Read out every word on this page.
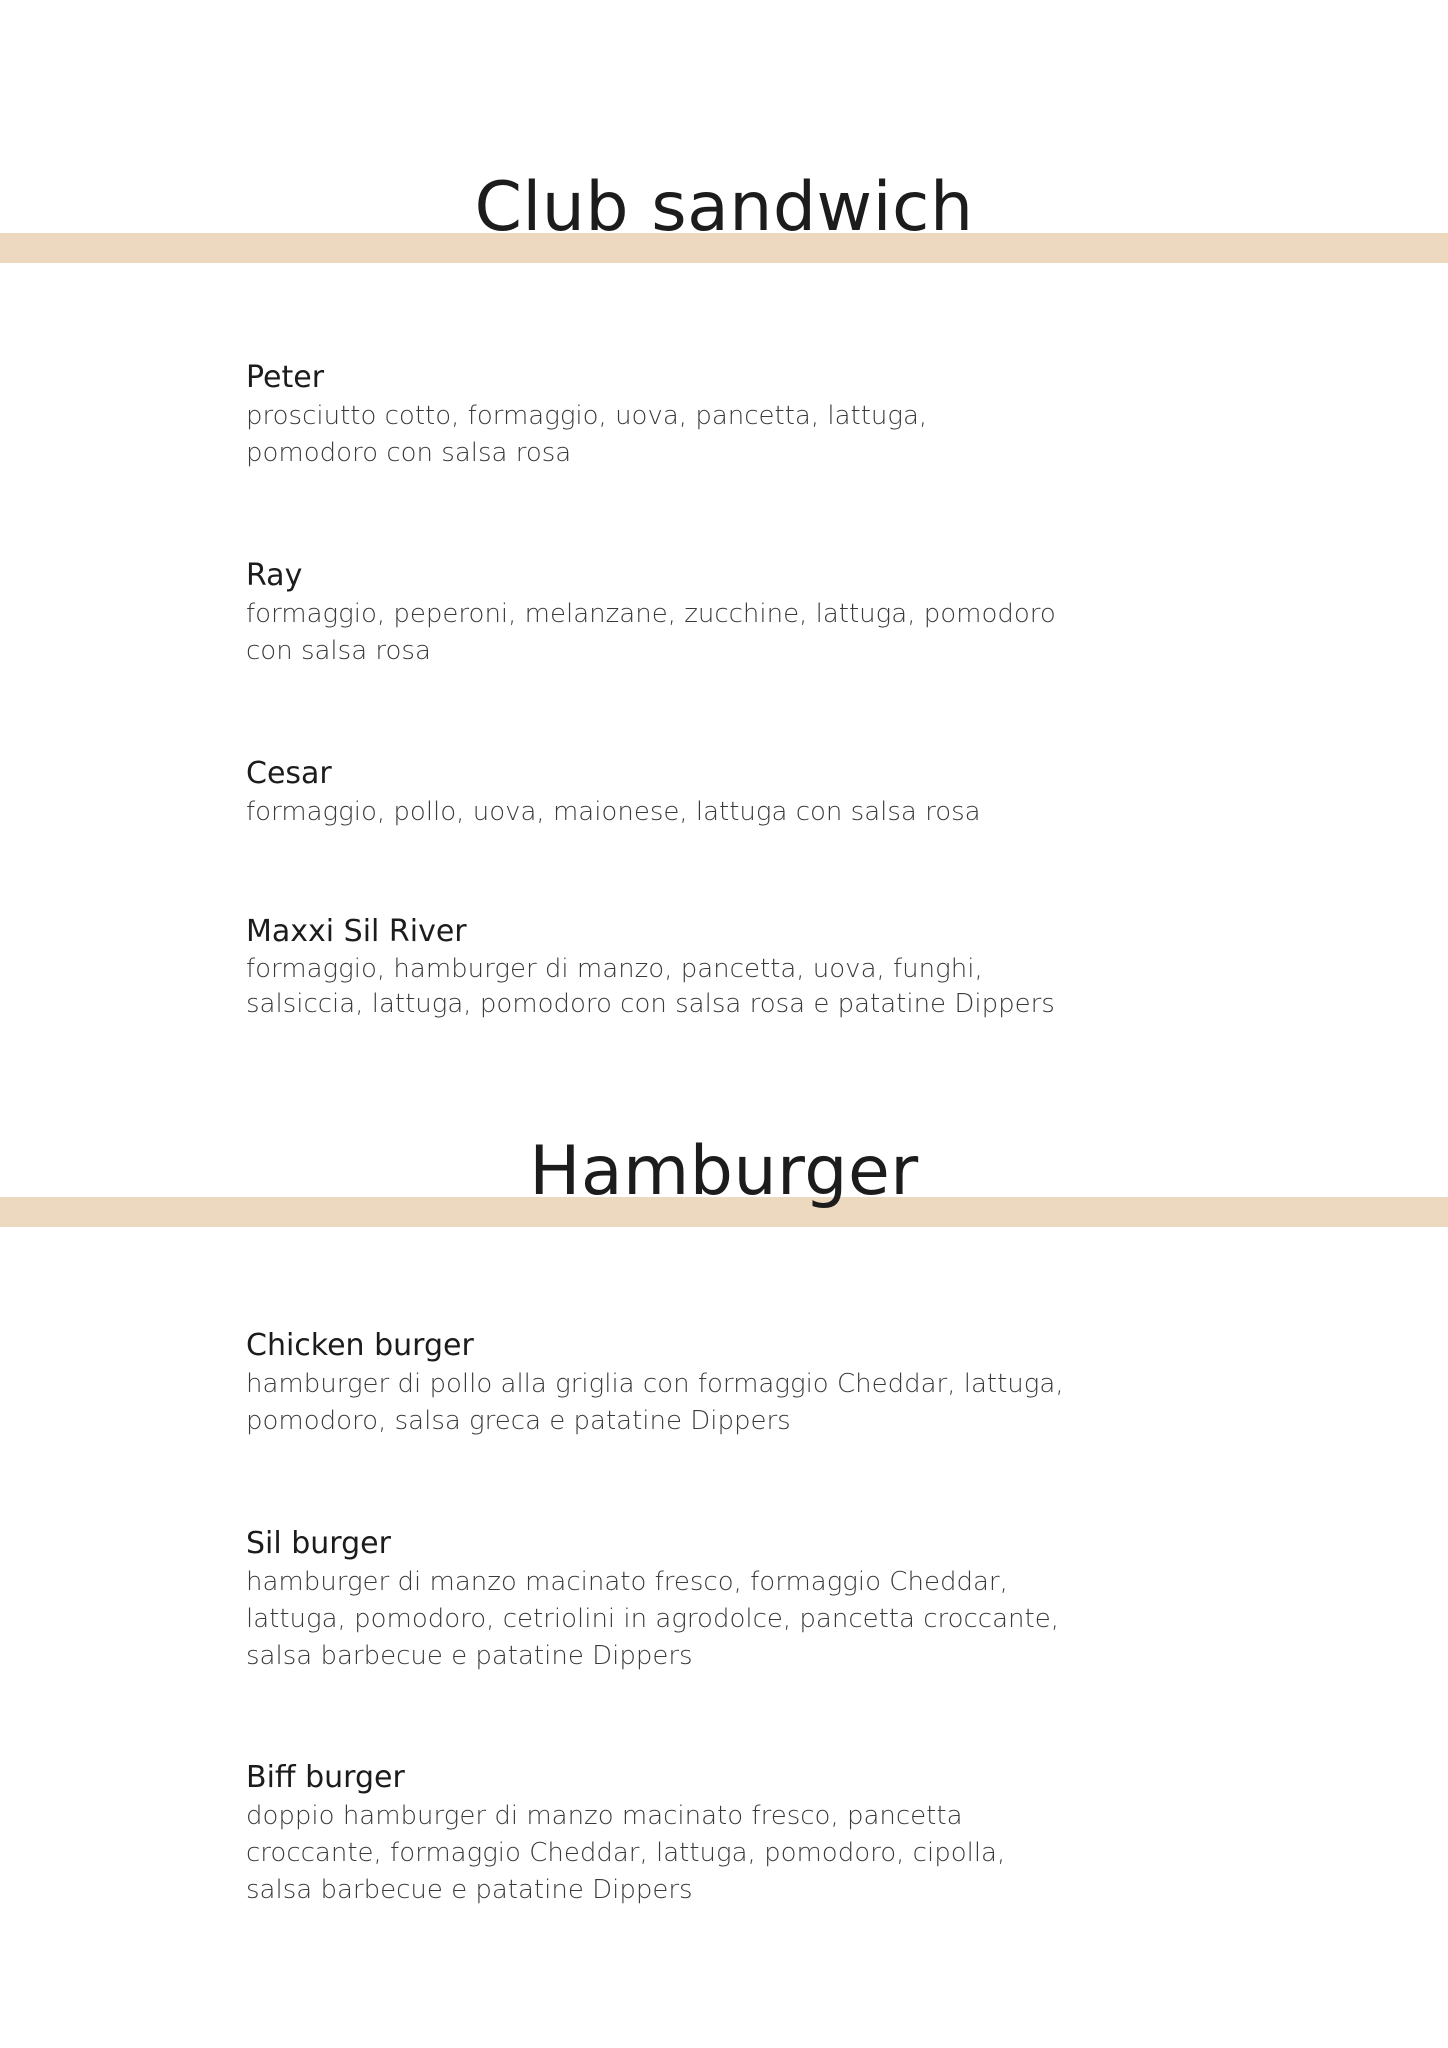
Club sandwich

Peter

prosciutto cotto, formaggio, uova, pancetta, lattuga, pomodoro con salsa rosa

Ray

formaggio, peperoni, melanzane, zucchine, lattuga, pomodoro con salsa rosa

Cesar

formaggio, pollo, uova, maionese, lattuga con salsa rosa

Maxxi Sil River

formaggio, hamburger di manzo, pancetta, uova, funghi, salsiccia, lattuga, pomodoro con salsa rosa e patatine Dippers

Hamburger

Chicken burger

hamburger di pollo alla griglia con formaggio Cheddar, lattuga, pomodoro, salsa greca e patatine Dippers

Sil burger

hamburger di manzo macinato fresco, formaggio Cheddar, lattuga, pomodoro, cetriolini in agrodolce, pancetta croccante, salsa barbecue e patatine Dippers

Biff burger

doppio hamburger di manzo macinato fresco, pancetta croccante, formaggio Cheddar, lattuga, pomodoro, cipolla, salsa barbecue e patatine Dippers
